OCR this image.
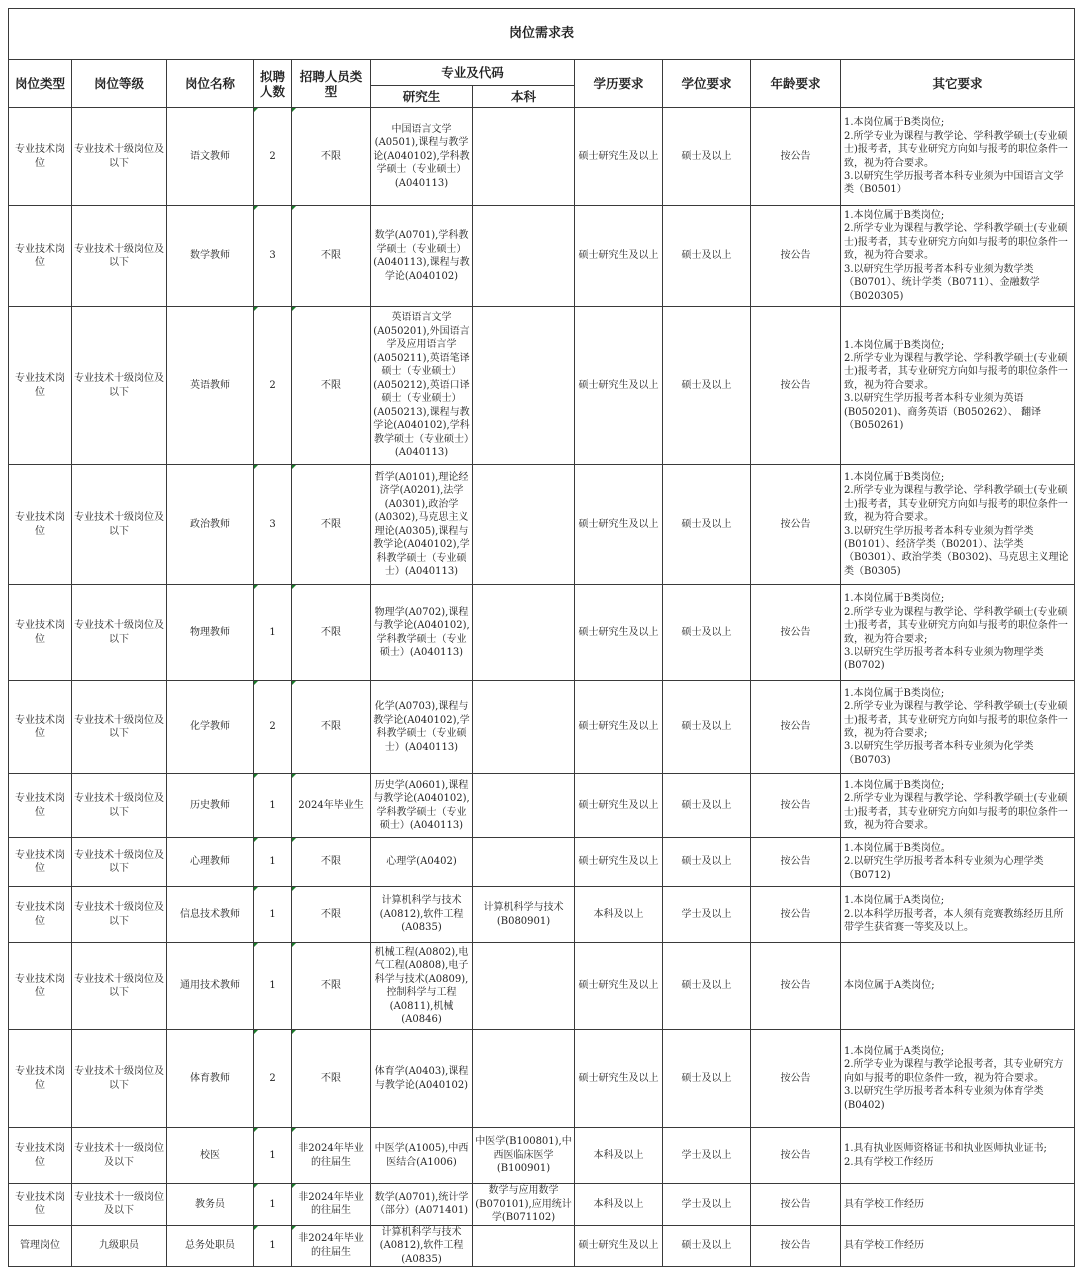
岗位需求表										
岗位类型	岗位等级	岗位名称	拟聘人数	招聘人员类型	专业及代码		学历要求	学位要求	年龄要求	其它要求
					研究生	本科				
专业技术岗位	专业技术十级岗位及以下	语文教师	2	不限	中国语言文学(A0501),课程与教学论(A040102),学科教学硕士（专业硕士）(A040113)		硕士研究生及以上	硕士及以上	按公告	1.本岗位属于B类岗位;
2.所学专业为课程与教学论、学科教学硕士(专业硕士)报考者，其专业研究方向如与报考的职位条件一致，视为符合要求。
3.以研究生学历报考者本科专业须为中国语言文学类（B0501）
专业技术岗位	专业技术十级岗位及以下	数学教师	3	不限	数学(A0701),学科教学硕士（专业硕士）(A040113),课程与教学论(A040102)		硕士研究生及以上	硕士及以上	按公告	1.本岗位属于B类岗位;
2.所学专业为课程与教学论、学科教学硕士(专业硕士)报考者，其专业研究方向如与报考的职位条件一致，视为符合要求。
3.以研究生学历报考者本科专业须为数学类（B0701）、统计学类（B0711）、金融数学（B020305)
专业技术岗位	专业技术十级岗位及以下	英语教师	2	不限	英语语言文学(A050201),外国语言学及应用语言学(A050211),英语笔译硕士（专业硕士）(A050212),英语口译硕士（专业硕士）(A050213),课程与教学论(A040102),学科教学硕士（专业硕士）(A040113)		硕士研究生及以上	硕士及以上	按公告	1.本岗位属于B类岗位;
2.所学专业为课程与教学论、学科教学硕士(专业硕士)报考者，其专业研究方向如与报考的职位条件一致，视为符合要求。
3.以研究生学历报考者本科专业须为英语(B050201)、商务英语（B050262）、 翻译（B050261)
专业技术岗位	专业技术十级岗位及以下	政治教师	3	不限	哲学(A0101),理论经济学(A0201),法学(A0301),政治学(A0302),马克思主义理论(A0305),课程与教学论(A040102),学科教学硕士（专业硕士）(A040113)		硕士研究生及以上	硕士及以上	按公告	1.本岗位属于B类岗位;
2.所学专业为课程与教学论、学科教学硕士(专业硕士)报考者，其专业研究方向如与报考的职位条件一致，视为符合要求。
3.以研究生学历报考者本科专业须为哲学类(B0101）、经济学类（B0201）、法学类（B0301）、政治学类（B0302)、马克思主义理论类（B0305)
专业技术岗位	专业技术十级岗位及以下	物理教师	1	不限	物理学(A0702),课程与教学论(A040102),学科教学硕士（专业硕士）(A040113)		硕士研究生及以上	硕士及以上	按公告	1.本岗位属于B类岗位;
2.所学专业为课程与教学论、学科教学硕士(专业硕士)报考者，其专业研究方向如与报考的职位条件一致，视为符合要求;
3.以研究生学历报考者本科专业须为物理学类(B0702)
专业技术岗位	专业技术十级岗位及以下	化学教师	2	不限	化学(A0703),课程与教学论(A040102),学科教学硕士（专业硕士）(A040113)		硕士研究生及以上	硕士及以上	按公告	1.本岗位属于B类岗位;
2.所学专业为课程与教学论、学科教学硕士(专业硕士)报考者，其专业研究方向如与报考的职位条件一致，视为符合要求;
3.以研究生学历报考者本科专业须为化学类（B0703)
专业技术岗位	专业技术十级岗位及以下	历史教师	1	2024年毕业生	历史学(A0601),课程与教学论(A040102),学科教学硕士（专业硕士）(A040113)		硕士研究生及以上	硕士及以上	按公告	1.本岗位属于B类岗位;
2.所学专业为课程与教学论、学科教学硕士(专业硕士)报考者，其专业研究方向如与报考的职位条件一致，视为符合要求。
专业技术岗位	专业技术十级岗位及以下	心理教师	1	不限	心理学(A0402)		硕士研究生及以上	硕士及以上	按公告	1.本岗位属于B类岗位。
2.以研究生学历报考者本科专业须为心理学类（B0712)
专业技术岗位	专业技术十级岗位及以下	信息技术教师	1	不限	计算机科学与技术(A0812),软件工程(A0835)	计算机科学与技术(B080901)	本科及以上	学士及以上	按公告	1.本岗位属于A类岗位;
2.以本科学历报考者，本人须有竞赛教练经历且所带学生获省赛一等奖及以上。
专业技术岗位	专业技术十级岗位及以下	通用技术教师	1	不限	机械工程(A0802),电气工程(A0808),电子科学与技术(A0809),控制科学与工程(A0811),机械(A0846)		硕士研究生及以上	硕士及以上	按公告	本岗位属于A类岗位;
专业技术岗位	专业技术十级岗位及以下	体育教师	2	不限	体育学(A0403),课程与教学论(A040102)		硕士研究生及以上	硕士及以上	按公告	1.本岗位属于A类岗位;
2.所学专业为课程与教学论报考者，其专业研究方向如与报考的职位条件一致，视为符合要求。
3.以研究生学历报考者本科专业须为体育学类(B0402)
专业技术岗位	专业技术十一级岗位及以下	校医	1	非2024年毕业的往届生	中医学(A1005),中西医结合(A1006)	中医学(B100801),中西医临床医学(B100901)	本科及以上	学士及以上	按公告	1.具有执业医师资格证书和执业医师执业证书;
2.具有学校工作经历
专业技术岗位	专业技术十一级岗位及以下	教务员	1	非2024年毕业的往届生	数学(A0701),统计学（部分）(A071401)	数学与应用数学(B070101),应用统计学(B071102)	本科及以上	学士及以上	按公告	具有学校工作经历
管理岗位	九级职员	总务处职员	1	非2024年毕业的往届生	计算机科学与技术(A0812),软件工程(A0835)		硕士研究生及以上	硕士及以上	按公告	具有学校工作经历
